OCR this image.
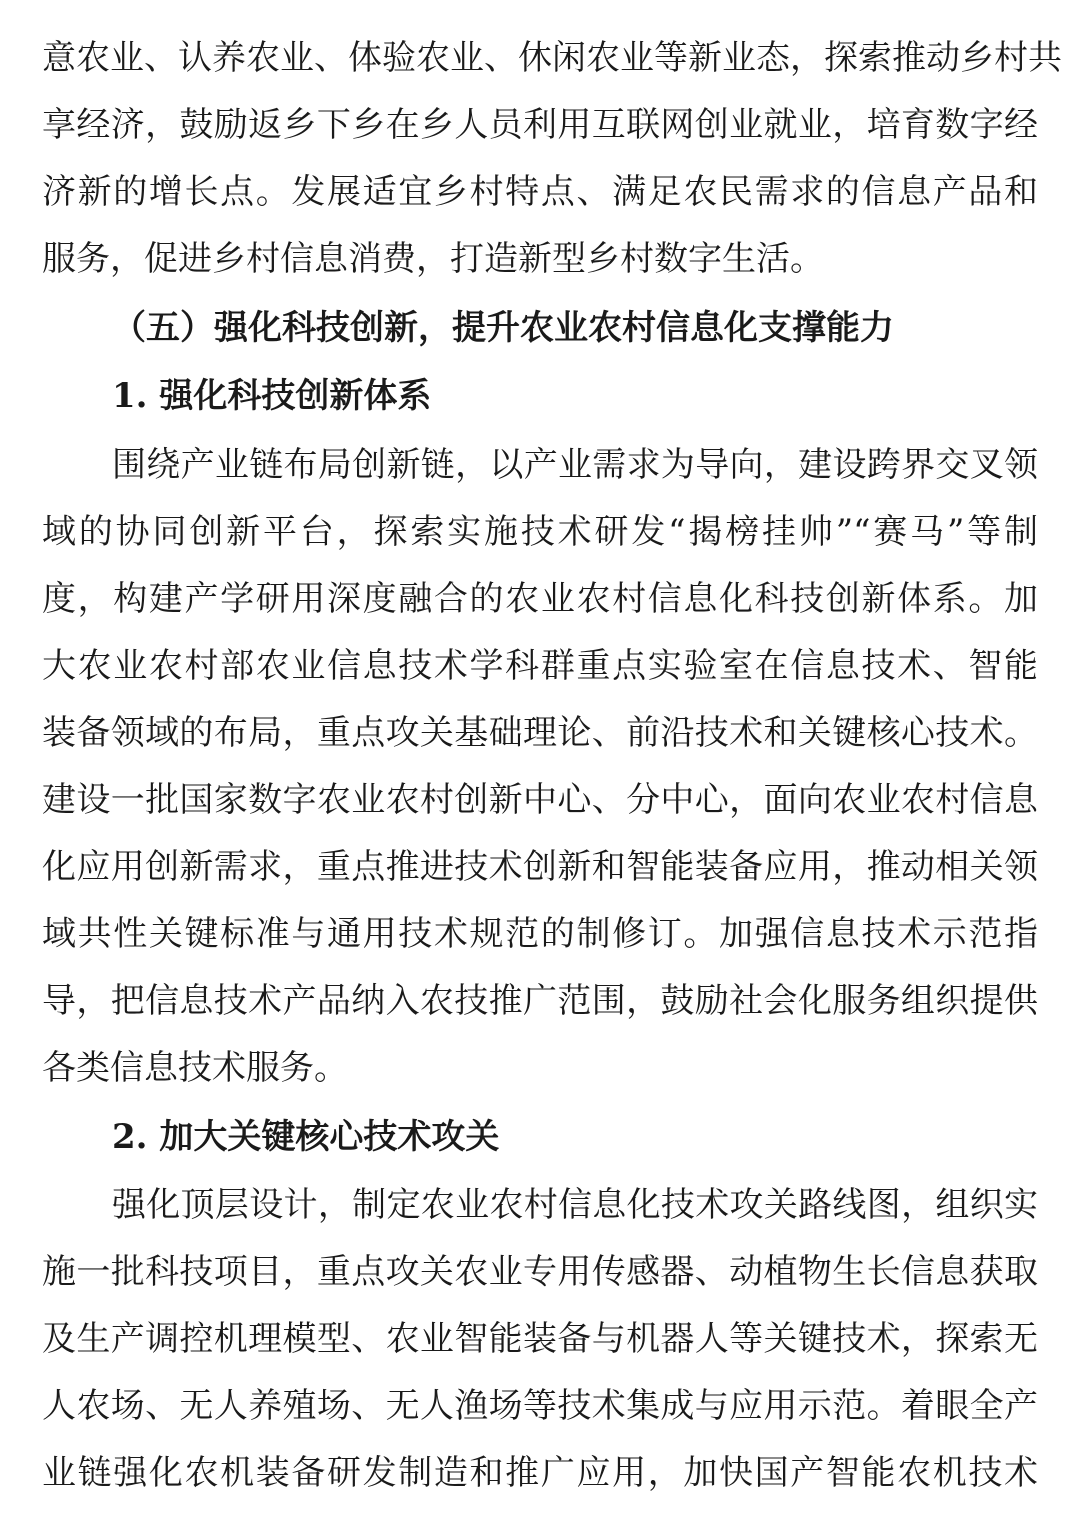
意农业、认养农业、体验农业、休闲农业等新业态，探索推动乡村共
享经济，鼓励返乡下乡在乡人员利用互联网创业就业，培育数字经
济新的增长点。发展适宜乡村特点、满足农民需求的信息产品和
服务，促进乡村信息消费，打造新型乡村数字生活。
（五）强化科技创新，提升农业农村信息化支撑能力
1. 强化科技创新体系
围绕产业链布局创新链，以产业需求为导向，建设跨界交叉领
域的协同创新平台，探索实施技术研发“揭榜挂帅”“赛马”等制
度，构建产学研用深度融合的农业农村信息化科技创新体系。加
大农业农村部农业信息技术学科群重点实验室在信息技术、智能
装备领域的布局，重点攻关基础理论、前沿技术和关键核心技术。
建设一批国家数字农业农村创新中心、分中心，面向农业农村信息
化应用创新需求，重点推进技术创新和智能装备应用，推动相关领
域共性关键标准与通用技术规范的制修订。加强信息技术示范指
导，把信息技术产品纳入农技推广范围，鼓励社会化服务组织提供
各类信息技术服务。
2. 加大关键核心技术攻关
强化顶层设计，制定农业农村信息化技术攻关路线图，组织实
施一批科技项目，重点攻关农业专用传感器、动植物生长信息获取
及生产调控机理模型、农业智能装备与机器人等关键技术，探索无
人农场、无人养殖场、无人渔场等技术集成与应用示范。着眼全产
业链强化农机装备研发制造和推广应用，加快国产智能农机技术
